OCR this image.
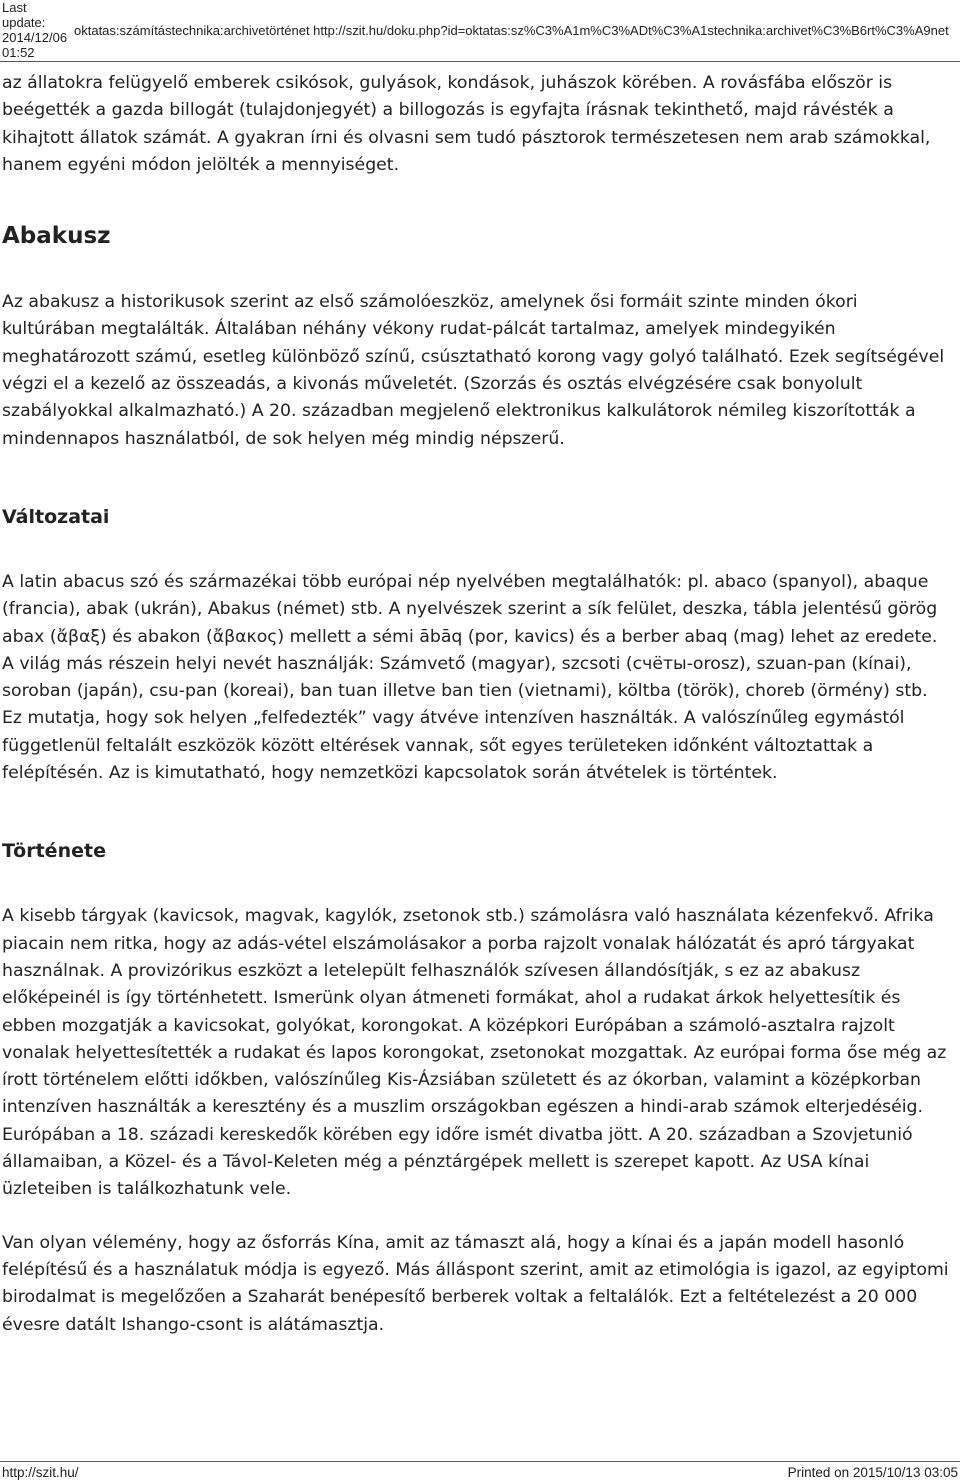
Last update:
2014/12/06 01:52
oktatas:számítástechnika:archivetörténet http://szit.hu/doku.php?id=oktatas:sz%C3%A1m%C3%ADt%C3%A1stechnika:archivet%C3%B6rt%C3%A9net

az állatokra felügyelő emberek csikósok, gulyások, kondások, juhászok körében. A rovásfába először is beégették a gazda billogát (tulajdonjegyét) a billogozás is egyfajta írásnak tekinthető, majd rávésték a kihajtott állatok számát. A gyakran írni és olvasni sem tudó pásztorok természetesen nem arab számokkal, hanem egyéni módon jelölték a mennyiséget.

Abakusz

Az abakusz a historikusok szerint az első számolóeszköz, amelynek ősi formáit szinte minden ókori kultúrában megtalálták. Általában néhány vékony rudat-pálcát tartalmaz, amelyek mindegyikén meghatározott számú, esetleg különböző színű, csúsztatható korong vagy golyó található. Ezek segítségével végzi el a kezelő az összeadás, a kivonás műveletét. (Szorzás és osztás elvégzésére csak bonyolult szabályokkal alkalmazható.) A 20. században megjelenő elektronikus kalkulátorok némileg kiszorították a mindennapos használatból, de sok helyen még mindig népszerű.

Változatai

A latin abacus szó és származékai több európai nép nyelvében megtalálhatók: pl. abaco (spanyol), abaque (francia), abak (ukrán), Abakus (német) stb. A nyelvészek szerint a sík felület, deszka, tábla jelentésű görög abax (ἄβαξ) és abakon (ἄβακος) mellett a sémi ābāq (por, kavics) és a berber abaq (mag) lehet az eredete. A világ más részein helyi nevét használják: Számvető (magyar), szcsoti (счёты-orosz), szuan-pan (kínai), soroban (japán), csu-pan (koreai), ban tuan illetve ban tien (vietnami), költba (török), choreb (örmény) stb. Ez mutatja, hogy sok helyen „felfedezték” vagy átvéve intenzíven használták. A valószínűleg egymástól függetlenül feltalált eszközök között eltérések vannak, sőt egyes területeken időnként változtattak a felépítésén. Az is kimutatható, hogy nemzetközi kapcsolatok során átvételek is történtek.

Története

A kisebb tárgyak (kavicsok, magvak, kagylók, zsetonok stb.) számolásra való használata kézenfekvő. Afrika piacain nem ritka, hogy az adás-vétel elszámolásakor a porba rajzolt vonalak hálózatát és apró tárgyakat használnak. A provizórikus eszközt a letelepült felhasználók szívesen állandósítják, s ez az abakusz előképeinél is így történhetett. Ismerünk olyan átmeneti formákat, ahol a rudakat árkok helyettesítik és ebben mozgatják a kavicsokat, golyókat, korongokat. A középkori Európában a számoló-asztalra rajzolt vonalak helyettesítették a rudakat és lapos korongokat, zsetonokat mozgattak. Az európai forma őse még az írott történelem előtti időkben, valószínűleg Kis-Ázsiában született és az ókorban, valamint a középkorban intenzíven használták a keresztény és a muszlim országokban egészen a hindi-arab számok elterjedéséig. Európában a 18. századi kereskedők körében egy időre ismét divatba jött. A 20. században a Szovjetunió államaiban, a Közel- és a Távol-Keleten még a pénztárgépek mellett is szerepet kapott. Az USA kínai üzleteiben is találkozhatunk vele.

Van olyan vélemény, hogy az ősforrás Kína, amit az támaszt alá, hogy a kínai és a japán modell hasonló felépítésű és a használatuk módja is egyező. Más álláspont szerint, amit az etimológia is igazol, az egyiptomi birodalmat is megelőzően a Szaharát benépesítő berberek voltak a feltalálók. Ezt a feltételezést a 20 000 évesre datált Ishango-csont is alátámasztja.

http://szit.hu/	Printed on 2015/10/13 03:05
